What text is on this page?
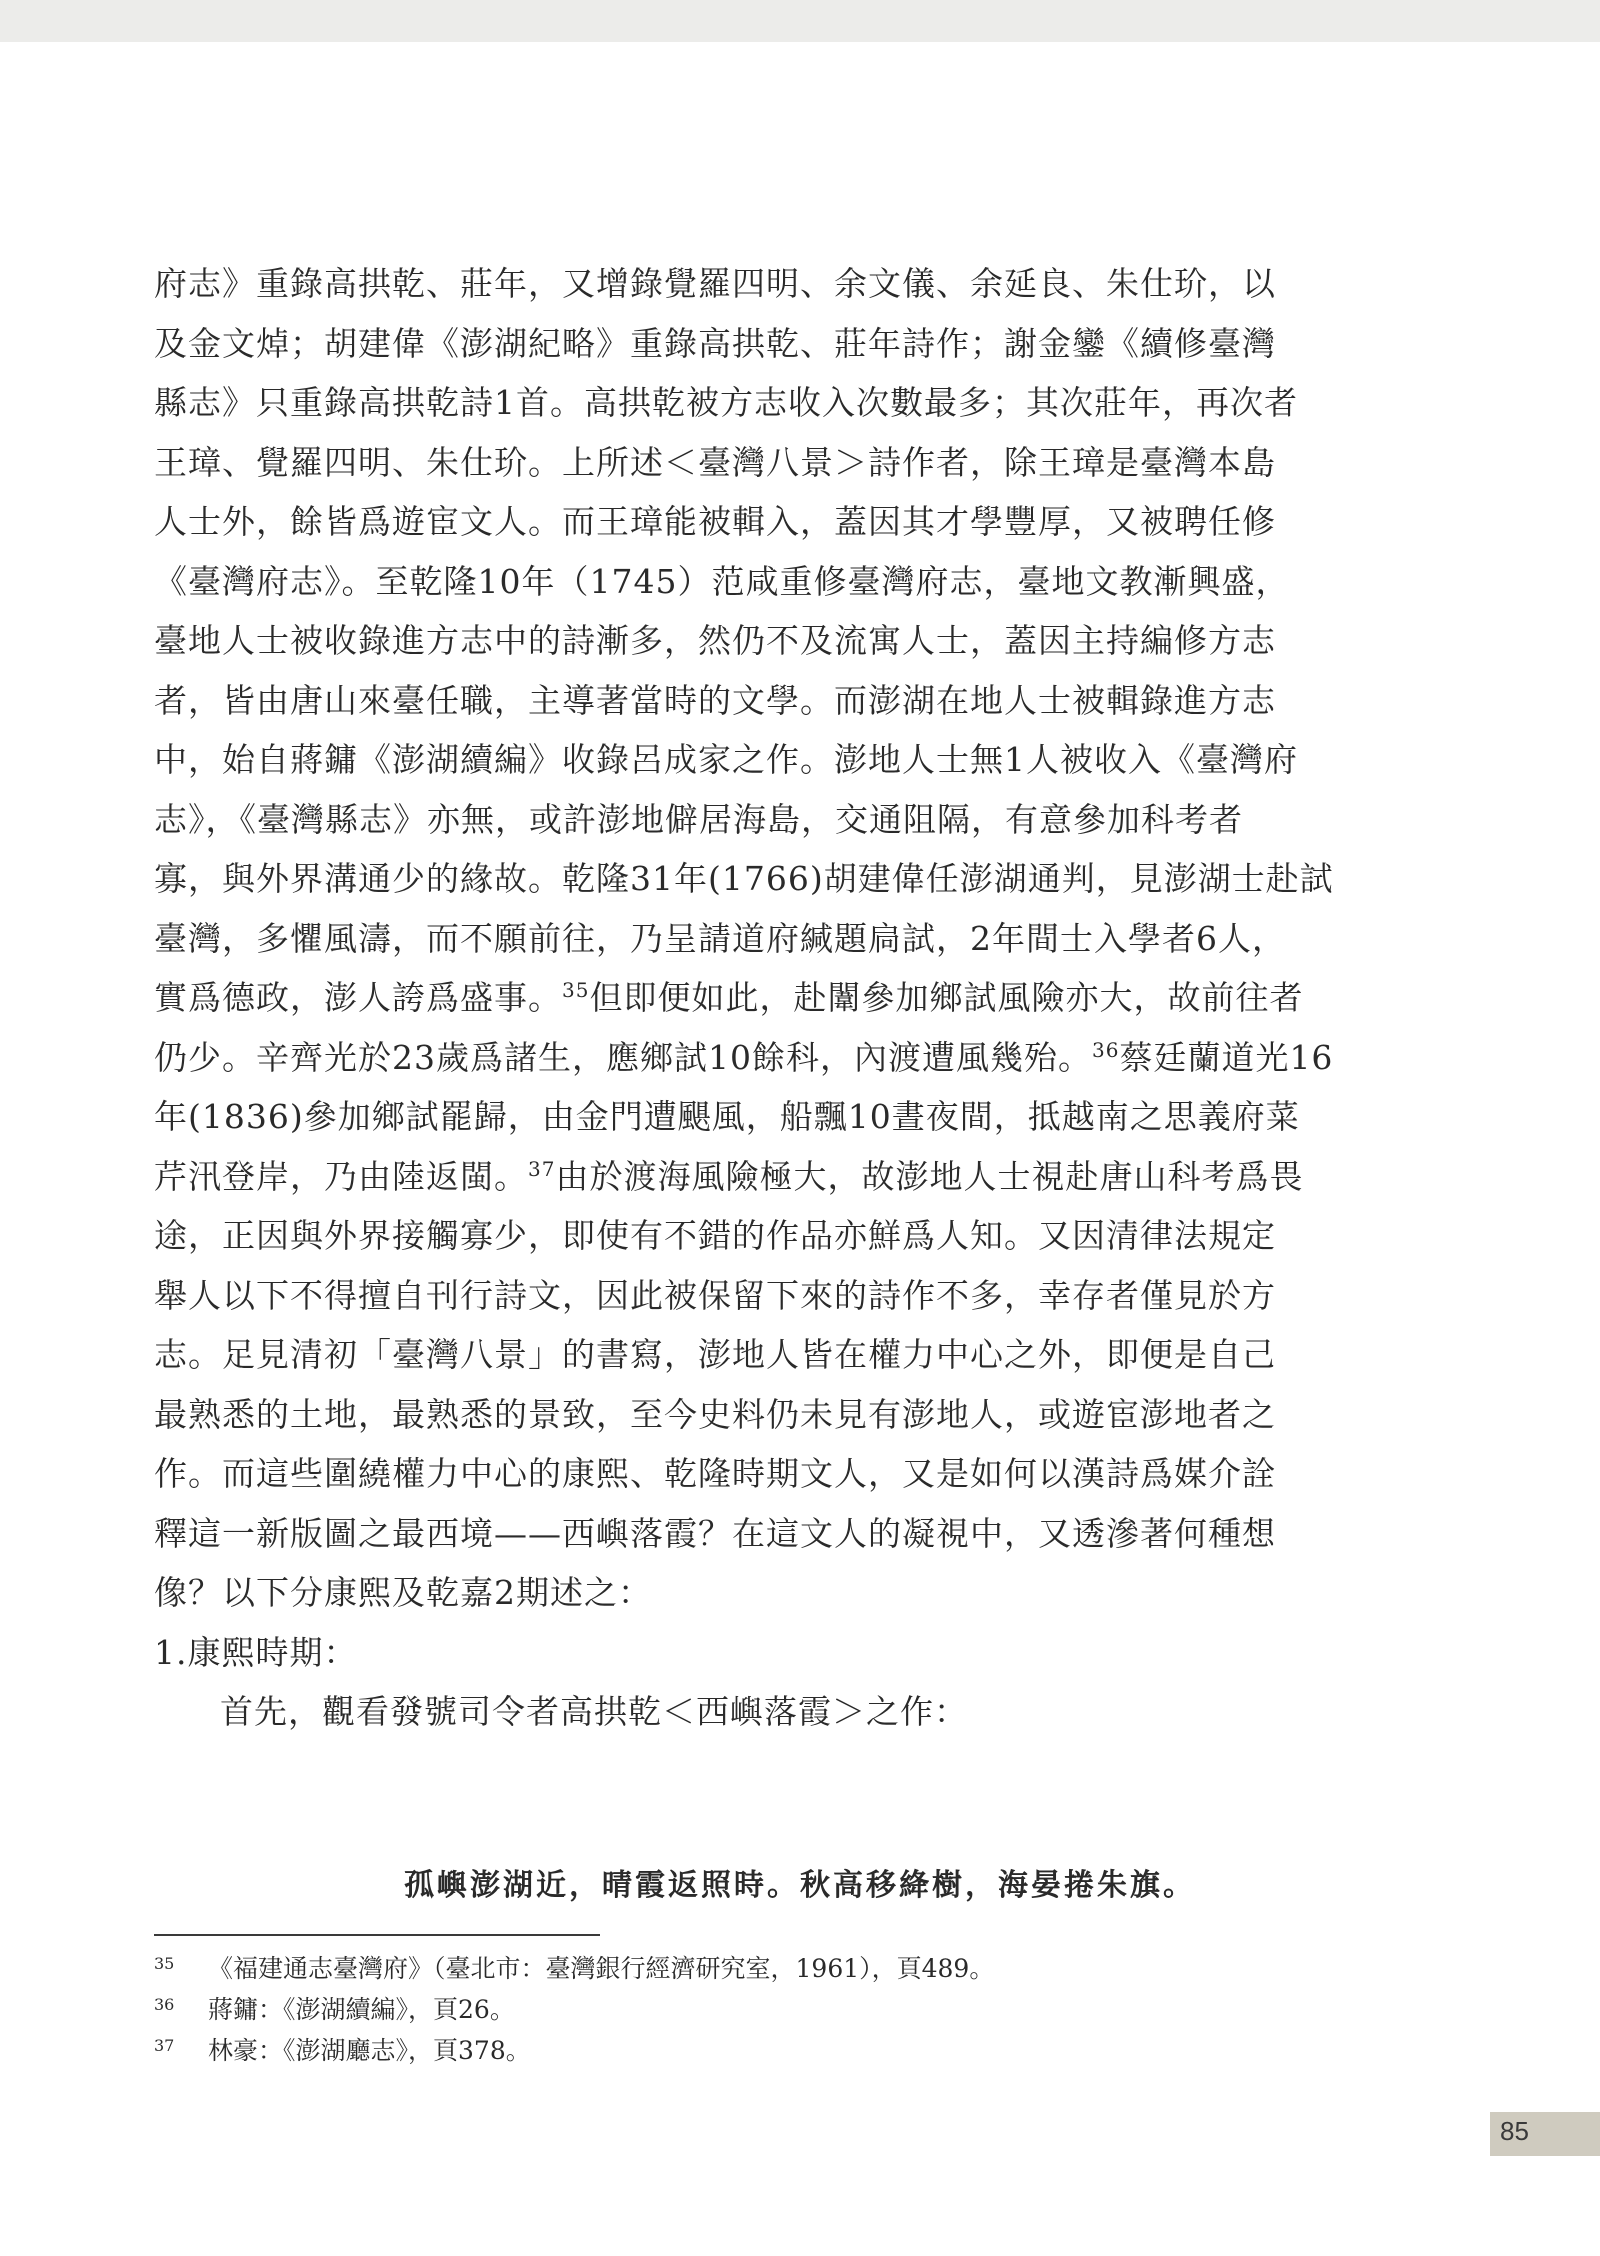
府志》重錄高拱乾、莊年，又增錄覺羅四明、余文儀、余延良、朱仕玠，以
及金文焯；胡建偉《澎湖紀略》重錄高拱乾、莊年詩作；謝金鑾《續修臺灣
縣志》只重錄高拱乾詩1首。高拱乾被方志收入次數最多；其次莊年，再次者
王璋、覺羅四明、朱仕玠。上所述＜臺灣八景＞詩作者，除王璋是臺灣本島
人士外，餘皆爲遊宦文人。而王璋能被輯入，蓋因其才學豐厚，又被聘任修
《臺灣府志》。至乾隆10年（1745）范咸重修臺灣府志，臺地文教漸興盛，
臺地人士被收錄進方志中的詩漸多，然仍不及流寓人士，蓋因主持編修方志
者，皆由唐山來臺任職，主導著當時的文學。而澎湖在地人士被輯錄進方志
中，始自蔣鏞《澎湖續編》收錄呂成家之作。澎地人士無1人被收入《臺灣府
志》，《臺灣縣志》亦無，或許澎地僻居海島，交通阻隔，有意參加科考者
寡，與外界溝通少的緣故。乾隆31年(1766)胡建偉任澎湖通判，見澎湖士赴試
臺灣，多懼風濤，而不願前往，乃呈請道府緘題扃試，2年間士入學者6人，
實爲德政，澎人誇爲盛事。$^{35}$但即便如此，赴闈參加鄉試風險亦大，故前往者
仍少。辛齊光於23歲爲諸生，應鄉試10餘科，內渡遭風幾殆。$^{36}$蔡廷蘭道光16
年(1836)參加鄉試罷歸，由金門遭颶風，船飄10晝夜間，抵越南之思義府菜
芹汛登岸，乃由陸返閩。$^{37}$由於渡海風險極大，故澎地人士視赴唐山科考爲畏
途，正因與外界接觸寡少，即使有不錯的作品亦鮮爲人知。又因清律法規定
舉人以下不得擅自刊行詩文，因此被保留下來的詩作不多，幸存者僅見於方
志。足見清初「臺灣八景」的書寫，澎地人皆在權力中心之外，即便是自己
最熟悉的土地，最熟悉的景致，至今史料仍未見有澎地人，或遊宦澎地者之
作。而這些圍繞權力中心的康熙、乾隆時期文人，又是如何以漢詩爲媒介詮
釋這一新版圖之最西境——西嶼落霞？在這文人的凝視中，又透滲著何種想
像？以下分康熙及乾嘉2期述之：
1.康熙時期：
首先，觀看發號司令者高拱乾＜西嶼落霞＞之作：
孤嶼澎湖近，晴霞返照時。秋高移絳樹，海晏捲朱旗。
35	《福建通志臺灣府》（臺北市：臺灣銀行經濟研究室，1961），頁489。
36	蔣鏞：《澎湖續編》，頁26。
37	林豪：《澎湖廳志》，頁378。
85
